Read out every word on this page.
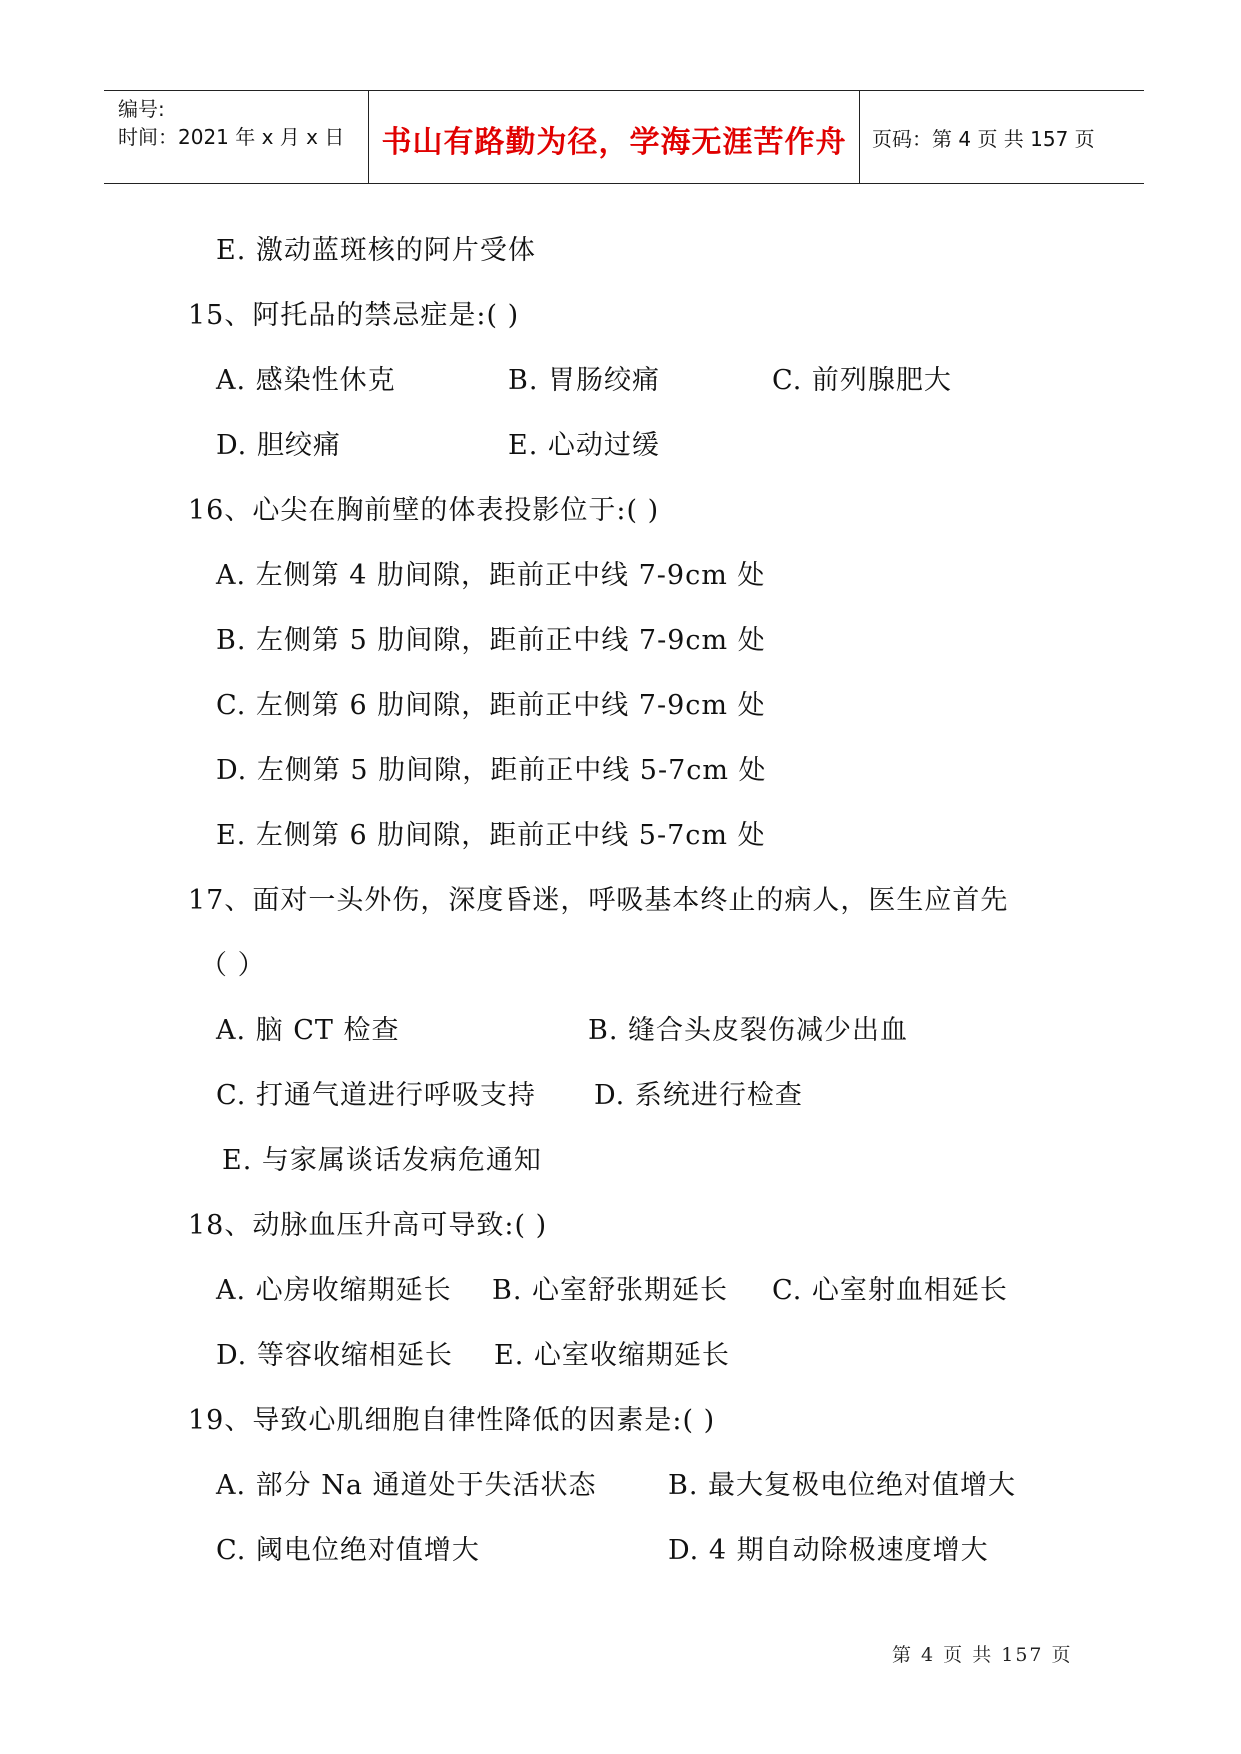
编号:
时间：2021 年 x 月 x 日	书山有路勤为径，学海无涯苦作舟	页码：第 4 页 共 157 页
E. 激动蓝斑核的阿片受体
15、阿托品的禁忌症是:( )
A. 感染性休克	B. 胃肠绞痛	C. 前列腺肥大
D. 胆绞痛	E. 心动过缓
16、心尖在胸前壁的体表投影位于:( )
A. 左侧第 4 肋间隙，距前正中线 7-9cm 处
B. 左侧第 5 肋间隙，距前正中线 7-9cm 处
C. 左侧第 6 肋间隙，距前正中线 7-9cm 处
D. 左侧第 5 肋间隙，距前正中线 5-7cm 处
E. 左侧第 6 肋间隙，距前正中线 5-7cm 处
17、面对一头外伤，深度昏迷，呼吸基本终止的病人，医生应首先
（ ）
A. 脑 CT 检查	B. 缝合头皮裂伤减少出血
C. 打通气道进行呼吸支持 D. 系统进行检查
E. 与家属谈话发病危通知
18、动脉血压升高可导致:( )
A. 心房收缩期延长 B. 心室舒张期延长 C. 心室射血相延长
D. 等容收缩相延长 E. 心室收缩期延长
19、导致心肌细胞自律性降低的因素是:( )
A. 部分 Na 通道处于失活状态	B. 最大复极电位绝对值增大
C. 阈电位绝对值增大	D. 4 期自动除极速度增大
第 4 页 共 157 页
